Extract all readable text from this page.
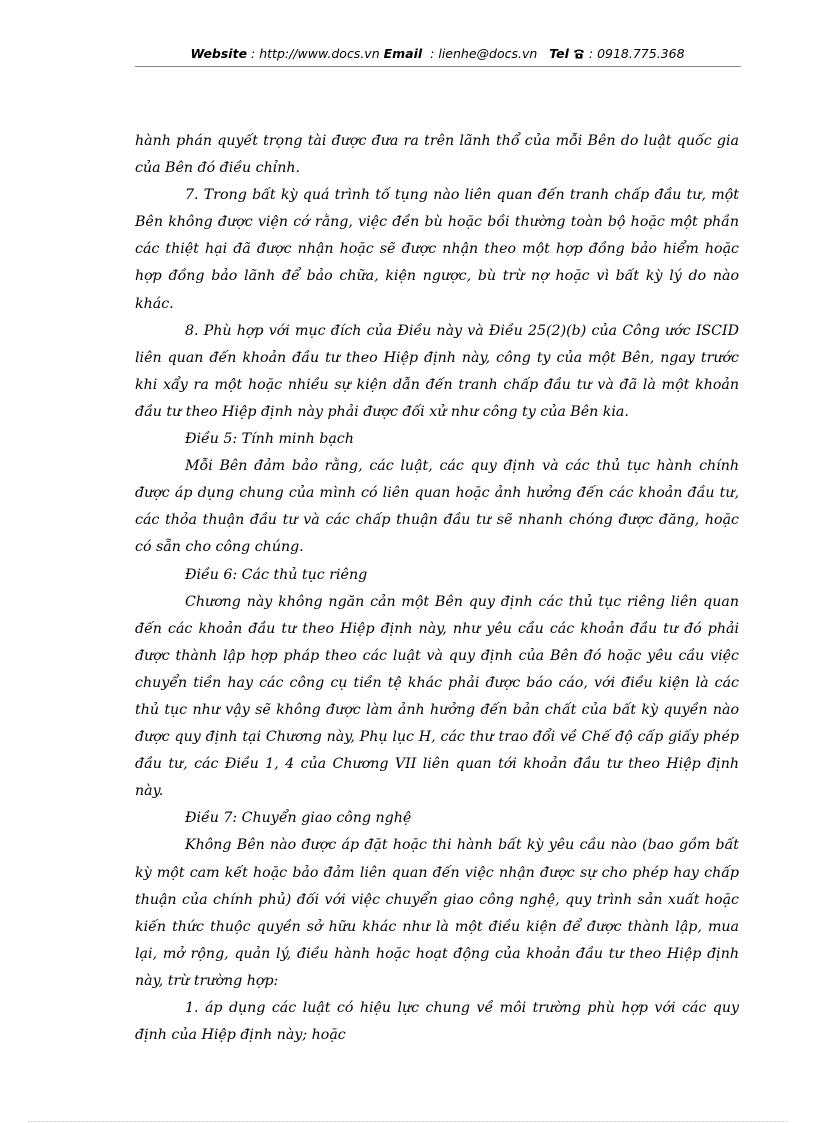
Website : http://www.docs.vn Email  : lienhe@docs.vn Tel : 0918.775.368

hành phán quyết trọng tài được đưa ra trên lãnh thổ của mỗi Bên do luật quốc gia của Bên đó điều chỉnh.

7. Trong bất kỳ quá trình tố tụng nào liên quan đến tranh chấp đầu tư, một Bên không được viện cớ rằng, việc đền bù hoặc bồi thường toàn bộ hoặc một phần các thiệt hại đã được nhận hoặc sẽ được nhận theo một hợp đồng bảo hiểm hoặc hợp đồng bảo lãnh để bảo chữa, kiện ngược, bù trừ nợ hoặc vì bất kỳ lý do nào khác.

8. Phù hợp với mục đích của Điều này và Điều 25(2)(b) của Công ước ISCID liên quan đến khoản đầu tư theo Hiệp định này, công ty của một Bên, ngay trước khi xẩy ra một hoặc nhiều sự kiện dẫn đến tranh chấp đầu tư và đã là một khoản đầu tư theo Hiệp định này phải được đối xử như công ty của Bên kia.

Điều 5: Tính minh bạch

Mỗi Bên đảm bảo rằng, các luật, các quy định và các thủ tục hành chính được áp dụng chung của mình có liên quan hoặc ảnh hưởng đến các khoản đầu tư, các thỏa thuận đầu tư và các chấp thuận đầu tư sẽ nhanh chóng được đăng, hoặc có sẵn cho công chúng.

Điều 6: Các thủ tục riêng

Chương này không ngăn cản một Bên quy định các thủ tục riêng liên quan đến các khoản đầu tư theo Hiệp định này, như yêu cầu các khoản đầu tư đó phải được thành lập hợp pháp theo các luật và quy định của Bên đó hoặc yêu cầu việc chuyển tiền hay các công cụ tiền tệ khác phải được báo cáo, với điều kiện là các thủ tục như vậy sẽ không được làm ảnh hưởng đến bản chất của bất kỳ quyền nào được quy định tại Chương này, Phụ lục H, các thư trao đổi về Chế độ cấp giấy phép đầu tư, các Điều 1, 4 của Chương VII liên quan tới khoản đầu tư theo Hiệp định này.

Điều 7: Chuyển giao công nghệ

Không Bên nào được áp đặt hoặc thi hành bất kỳ yêu cầu nào (bao gồm bất kỳ một cam kết hoặc bảo đảm liên quan đến việc nhận được sự cho phép hay chấp thuận của chính phủ) đối với việc chuyển giao công nghệ, quy trình sản xuất hoặc kiến thức thuộc quyền sở hữu khác như là một điều kiện để được thành lập, mua lại, mở rộng, quản lý, điều hành hoặc hoạt động của khoản đầu tư theo Hiệp định này, trừ trường hợp:

1. áp dụng các luật có hiệu lực chung về môi trường phù hợp với các quy định của Hiệp định này; hoặc
